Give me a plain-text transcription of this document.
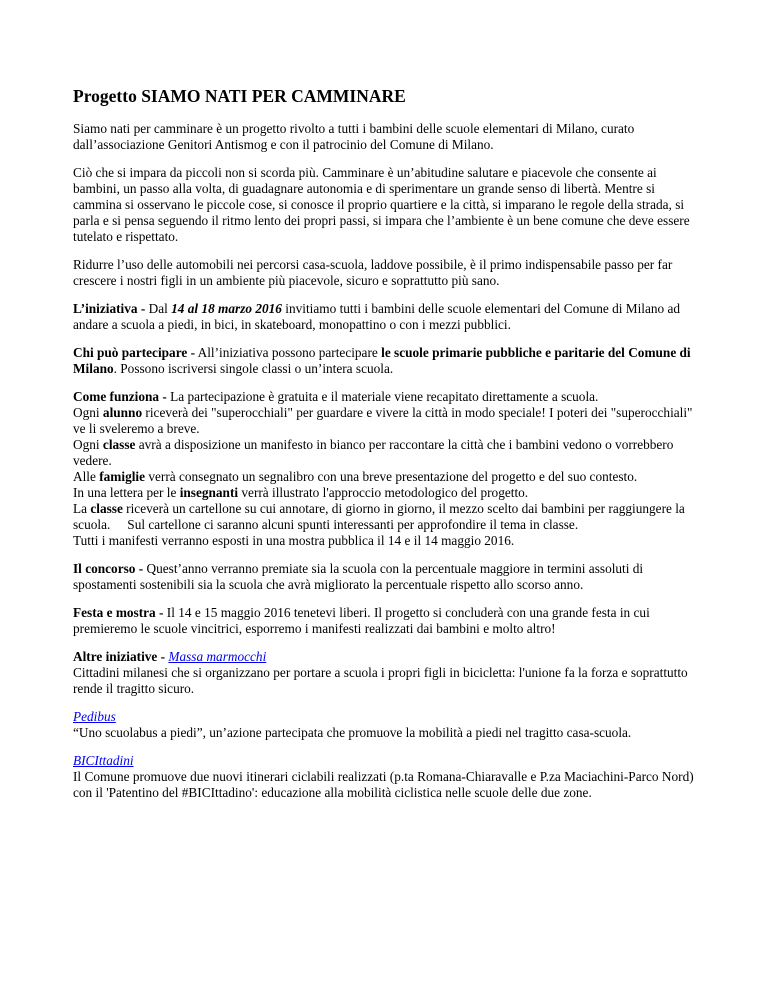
Progetto SIAMO NATI PER CAMMINARE

Siamo nati per camminare è un progetto rivolto a tutti i bambini delle scuole elementari di Milano, curato dall’associazione Genitori Antismog e con il patrocinio del Comune di Milano.

Ciò che si impara da piccoli non si scorda più. Camminare è un’abitudine salutare e piacevole che consente ai bambini, un passo alla volta, di guadagnare autonomia e di sperimentare un grande senso di libertà. Mentre si cammina si osservano le piccole cose, si conosce il proprio quartiere e la città, si imparano le regole della strada, si parla e si pensa seguendo il ritmo lento dei propri passi, si impara che l’ambiente è un bene comune che deve essere tutelato e rispettato.

Ridurre l’uso delle automobili nei percorsi casa-scuola, laddove possibile, è il primo indispensabile passo per far crescere i nostri figli in un ambiente più piacevole, sicuro e soprattutto più sano.

L’iniziativa - Dal 14 al 18 marzo 2016 invitiamo tutti i bambini delle scuole elementari del Comune di Milano ad andare a scuola a piedi, in bici, in skateboard, monopattino o con i mezzi pubblici.

Chi può partecipare - All’iniziativa possono partecipare le scuole primarie pubbliche e paritarie del Comune di Milano. Possono iscriversi singole classi o un’intera scuola.

Come funziona - La partecipazione è gratuita e il materiale viene recapitato direttamente a scuola.
Ogni alunno riceverà dei "superocchiali" per guardare e vivere la città in modo speciale! I poteri dei "superocchiali" ve li sveleremo a breve.
Ogni classe avrà a disposizione un manifesto in bianco per raccontare la città che i bambini vedono o vorrebbero vedere.
Alle famiglie verrà consegnato un segnalibro con una breve presentazione del progetto e del suo contesto.
In una lettera per le insegnanti verrà illustrato l'approccio metodologico del progetto.
La classe riceverà un cartellone su cui annotare, di giorno in giorno, il mezzo scelto dai bambini per raggiungere la scuola. Sul cartellone ci saranno alcuni spunti interessanti per approfondire il tema in classe.
Tutti i manifesti verranno esposti in una mostra pubblica il 14 e il 14 maggio 2016.

Il concorso - Quest’anno verranno premiate sia la scuola con la percentuale maggiore in termini assoluti di spostamenti sostenibili sia la scuola che avrà migliorato la percentuale rispetto allo scorso anno.

Festa e mostra - Il 14 e 15 maggio 2016 tenetevi liberi. Il progetto si concluderà con una grande festa in cui premieremo le scuole vincitrici, esporremo i manifesti realizzati dai bambini e molto altro!

Altre iniziative - Massa marmocchi
Cittadini milanesi che si organizzano per portare a scuola i propri figli in bicicletta: l'unione fa la forza e soprattutto rende il tragitto sicuro.

Pedibus
“Uno scuolabus a piedi”, un’azione partecipata che promuove la mobilità a piedi nel tragitto casa-scuola.

BICIttadini
Il Comune promuove due nuovi itinerari ciclabili realizzati (p.ta Romana-Chiaravalle e P.za Maciachini-Parco Nord) con il 'Patentino del #BICIttadino': educazione alla mobilità ciclistica nelle scuole delle due zone.
